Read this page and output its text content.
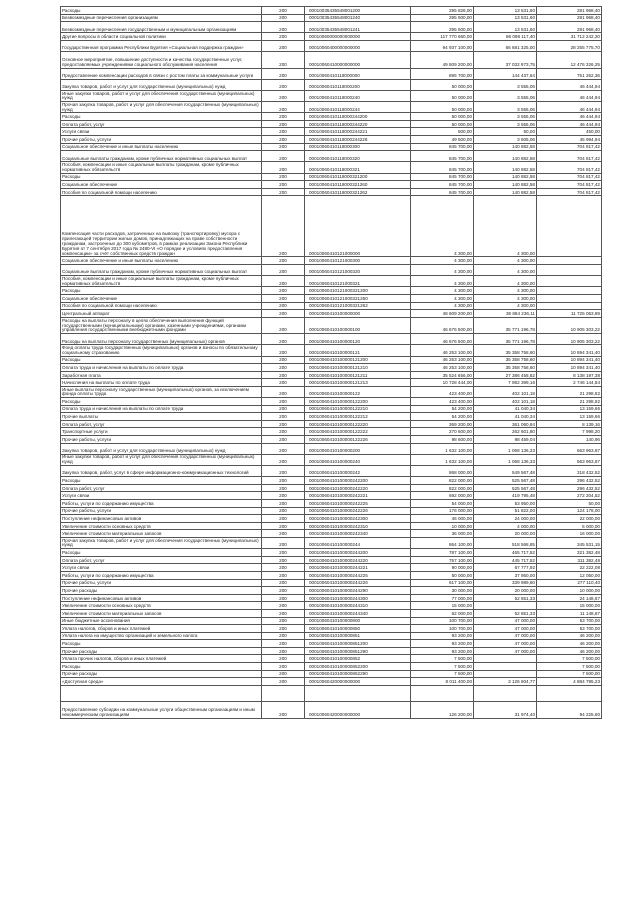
Расходы	200	00010035435548001200	295 826,00	13 531,60	281 968,40
Безвозмездные перечисления организациям	200	00010035435548001240	295 500,00	13 531,60	281 968,40
Безвозмездные перечисления государственным и муниципальным организациям	200	00010035435548001241	295 500,00	13 531,60	281 968,40
Другие вопросы в области социальной политики	200	00010060000000000000	117 770 660,00	86 098 117,40	31 712 242,20
Государственная программа Республики Бурятия «Социальная поддержка граждан»	200	00010060400000000000	94 937 100,00	66 681 325,00	28 255 775,70
Основное мероприятие, повышение доступности и качества государственных услуг, предоставляемых учреждениями социального обслуживания населения	200	00010060410000000000	49 509 200,00	37 032 973,75	12 476 326,25
Предоставление компенсации расходов в связи с ростом платы за коммунальные услуги	200	00010060410118000000	895 700,00	144 437,64	751 262,36
Закупка товаров, работ и услуг для государственных (муниципальных) нужд	200	00010060410118000200	50 000,00	3 555,06	46 444,94
Иные закупки товаров, работ и услуг для обеспечения государственных (муниципальных) нужд	200	00010060410118000240	50 000,00	3 555,06	46 444,94
Прочая закупка товаров, работ и услуг для обеспечения государственных (муниципальных) нужд	200	00010060410118000244	50 000,00	3 555,06	46 444,94
Расходы	200	00010060410118000244200	50 000,00	3 555,06	46 444,94
Оплата работ, услуг	200	00010060410118000244220	50 000,00	3 555,06	46 444,94
Услуги связи	200	00010060410118000244221	500,00	50,00	450,00
Прочие работы, услуги	200	00010060410118000244226	49 500,00	3 505,06	45 994,94
Социальное обеспечение и иные выплаты населению	200	00010060410118000300	845 700,00	140 882,58	704 817,42
Социальные выплаты гражданам, кроме публичных нормативных социальных выплат	200	00010060410118000320	845 700,00	140 882,58	704 817,42
Пособия, компенсации и иные социальные выплаты гражданам, кроме публичных нормативных обязательств	200	00010060410118000321	845 700,00	140 882,58	704 817,42
Расходы	200	00010060410118000321200	845 700,00	140 882,58	704 817,42
Социальное обеспечение	200	00010060410118000321260	845 700,00	140 882,58	704 817,42
Пособия по социальной помощи населению	200	00010060410118000321262	845 700,00	140 882,58	704 817,42
Компенсация части расходов, затраченных на вывозку (транспортировку) мусора с прилегающей территории жилых домов, принадлежащих на праве собственности гражданам, застроенных до 300 кубометров, в рамках реализации Закона Республики Бурятия от 7 сентября 2017 года № 2480-VI «О порядке и условиях предоставления компенсации» за счёт собственных средств граждан	200	00010060410121000000	4 300,00	4 300,00	
Социальное обеспечение и иные выплаты населению	200	00010060410121000300	4 300,00	4 300,00	
Социальные выплаты гражданам, кроме публичных нормативных социальных выплат	200	00010060410121000320	4 300,00	4 300,00	
Пособия, компенсации и иные социальные выплаты гражданам, кроме публичных нормативных обязательств	200	00010060410121000321	4 300,00	4 300,00	
Расходы	200	00010060410121000321200	4 300,00	4 300,00	
Социальное обеспечение	200	00010060410121000321260	4 300,00	4 300,00	
Пособия по социальной помощи населению	200	00010060410121000321262	4 300,00	4 300,00	
Центральный аппарат	200	00010060410100000000	48 609 200,00	36 884 236,11	11 725 063,89
Расходы на выплаты персоналу в целях обеспечения выполнения функций государственными (муниципальными) органами, казенными учреждениями, органами управления государственными внебюджетными фондами	200	00010060410100000100	46 676 500,00	35 771 196,78	10 905 303,22
Расходы на выплаты персоналу государственных (муниципальных) органов	200	00010060410100000120	46 676 500,00	35 771 196,78	10 905 303,22
Фонд оплаты труда государственных (муниципальных) органов и взносы по обязательному социальному страхованию	200	00010060410100000121	46 253 100,00	35 358 758,60	10 894 341,40
Расходы	200	00010060410100000121200	46 253 100,00	35 358 758,60	10 894 341,40
Оплата труда и начисления на выплаты по оплате труда	200	00010060410100000121210	46 253 100,00	35 358 758,60	10 894 341,40
Заработная плата	200	00010060410100000121211	35 524 656,00	27 386 458,62	8 138 197,38
Начисления на выплаты по оплате труда	200	00010060410100000121213	10 728 444,00	7 982 399,16	2 746 144,84
Иные выплаты персоналу государственных (муниципальных) органов, за исключением фонда оплаты труда	200	00010060410100000122	423 400,00	402 101,18	21 298,82
Расходы	200	00010060410100000122200	423 400,00	402 101,18	21 298,82
Оплата труда и начисления на выплаты по оплате труда	200	00010060410100000122210	54 200,00	41 040,34	13 159,66
Прочие выплаты	200	00010060410100000122212	54 200,00	41 040,34	13 159,66
Оплата работ, услуг	200	00010060410100000122220	369 200,00	361 060,84	8 139,16
Транспортные услуги	200	00010060410100000122222	270 600,00	262 601,80	7 998,20
Прочие работы, услуги	200	00010060410100000122226	98 600,00	98 459,04	140,96
Закупка товаров, работ и услуг для государственных (муниципальных) нужд	200	00010060410100000200	1 632 100,00	1 068 136,33	563 963,67
Иные закупки товаров, работ и услуг для обеспечения государственных (муниципальных) нужд	200	00010060410100000240	1 632 100,00	1 068 136,33	563 963,67
Закупка товаров, работ, услуг в сфере информационно-коммуникационных технологий	200	00010060410100000242	868 000,00	549 567,48	318 432,52
Расходы	200	00010060410100000242200	822 000,00	525 567,48	296 432,52
Оплата работ, услуг	200	00010060410100000242220	822 000,00	525 567,48	296 432,52
Услуги связи	200	00010060410100000242221	692 000,00	419 795,48	272 204,52
Работы, услуги по содержанию имущества	200	00010060410100000242225	54 000,00	53 950,00	50,00
Прочие работы, услуги	200	00010060410100000242226	176 000,00	51 822,00	124 178,00
Поступление нефинансовых активов	200	00010060410100000242300	46 000,00	24 000,00	22 000,00
Увеличение стоимости основных средств	200	00010060410100000242310	10 000,00	4 000,00	6 000,00
Увеличение стоимости материальных запасов	200	00010060410100000242340	36 000,00	20 000,00	16 000,00
Прочая закупка товаров, работ и услуг для обеспечения государственных (муниципальных) нужд	200	00010060410100000244	864 100,00	518 568,85	345 531,15
Расходы	200	00010060410100000244200	787 100,00	465 717,52	321 382,48
Оплата работ, услуг	200	00010060410100000244220	757 100,00	445 717,52	311 382,48
Услуги связи	200	00010060410100000244221	90 000,00	67 777,92	22 222,08
Работы, услуги по содержанию имущества	200	00010060410100000244225	50 000,00	37 950,00	12 050,00
Прочие работы, услуги	200	00010060410100000244226	617 100,00	339 989,60	277 110,40
Прочие расходы	200	00010060410100000244290	30 000,00	20 000,00	10 000,00
Поступление нефинансовых активов	200	00010060410100000244300	77 000,00	52 851,33	24 148,67
Увеличение стоимости основных средств	200	00010060410100000244310	15 000,00		15 000,00
Увеличение стоимости материальных запасов	200	00010060410100000244340	62 000,00	52 851,33	11 148,67
Иные бюджетные ассигнования	200	00010060410100000800	100 700,00	47 000,00	53 700,00
Уплата налогов, сборов и иных платежей	200	00010060410100000850	100 700,00	47 000,00	53 700,00
Уплата налога на имущество организаций и земельного налога	200	00010060410100000851	93 200,00	47 000,00	46 200,00
Расходы	200	00010060410100000851200	93 200,00	47 000,00	46 200,00
Прочие расходы	200	00010060410100000851290	93 200,00	47 000,00	46 200,00
Уплата прочих налогов, сборов и иных платежей	200	00010060410100000852	7 500,00		7 500,00
Расходы	200	00010060410100000852200	7 500,00		7 500,00
Прочие расходы	200	00010060410100000852290	7 500,00		7 500,00
«Доступная среда»	200	00010060420000000000	8 011 400,00	3 126 604,77	4 884 795,23

Предоставление субсидии на коммунальные услуги общественным организациям и иным некоммерческим организациям	200	00010060420000000000	126 200,00	31 974,40	94 225,60
